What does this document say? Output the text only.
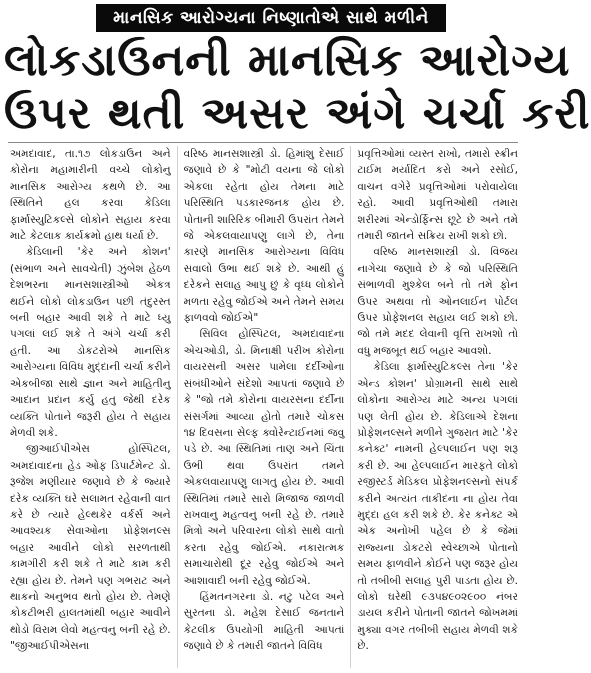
માનસિક આરોગ્યના નિષ્ણાતોએ સાથે મળીને
લોકડાઉનની માનસિક આરોગ્ય
ઉપર થતી અસર અંગે ચર્ચા કરી

અમદાવાદ, તા.૧૭ લોકડાઉન અને કોરોના મહામારીની વચ્ચે લોકોનુ માનસિક આરોગ્ય કથળે છે. આ સ્થિતિને હલ કરવા કેડિલા ફાર્માસ્યુટિકલ્સે લોકોને સહાય કરવા માટે કેટલાક કાર્યક્રમો હાથ ધર્યા છે.

કેડિલાની 'કેર અને કોશન' (સંભાળ અને સાવચેતી) ઝુંબેશ હેઠળ દેશભરના માનસશાસ્ત્રીઓ એકત્ર થઈને લોકો લોકડાઉન પછી તંદુરસ્ત બની બહાર આવી શકે તે માટે ધ્યુ પગલાં લઈ શકે તે અંગે ચર્ચા કરી હતી. આ ડોકટરોએ માનસિક આરોગ્યના વિવિધ મુદ્દાની ચર્ચા કરીને એકબીજા સાથે જ્ઞાન અને માહિતીનુ આદાન પ્રદાન કર્યુ હતુ જેથી દરેક વ્યક્તિ પોતાને જરૂરી હોય તે સહાય મેળવી શકે.

જીઆઈપીએસ હોસ્પિટલ, અમદાવાદના હેડ ઓફ ડિપાર્ટમેન્ટ ડો. રૂજેશ મણીયાર જણાવે છે કે જ્યારે દરેક વ્યક્તિ ઘરે સલામત રહેવાની વાત કરે છે ત્યારે હેલ્થકેર વર્કર્સ અને આવશ્યક સેવાઓના પ્રોફેશનલ્સ બહાર આવીને લોકો સરળતાથી કામગીરી કરી શકે તે માટે કામ કરી રહ્યા હોય છે. તેમને પણ ગભરાટ અને થાકનો અનુભવ થતો હોય છે. તેમણે કોકટીભરી હાલતમાંથી બહાર આવીને થોડો વિરામ લેવો મહત્વનુ બની રહે છે. "જીઆઈપીએસના

વરિષ્ઠ માનસશાસ્ત્રી ડો. હિમાંશુ દેસાઈ જણાવે છે કે "મોટી વયના જે લોકો એકલા રહેતા હોય તેમના માટે પરિસ્થિતિ પડકારજનક હોય છે. પોતાની શારિરિક બીમારી ઉપરાંત તેમને જે એકલવાયાપણુ લાગે છે, તેના કારણે માનસિક આરોગ્યના વિવિધ સવાલો ઉભા થઈ શકે છે. આથી હું દરેકને સલાહ આપુ છું કે વૃધ્ધ લોકોને મળતા રહેવુ જોઈએ અને તેમને સમય ફાળવવો જોઈએ"

સિવિલ હોસ્પિટલ, અમદાવાદના એચઓડી, ડો. મિનાક્ષી પરીખ કોરોના વાયરસની અસર પામેલા દર્દીઓના સંબંધીઓને સંદેશો આપતાં જણાવે છે કે "જો તમે કોરોના વાયરસના દર્દીના સંસર્ગમાં આવ્યા હોતો તમારે ચોકસ ૧૪ દિવસના સેલ્ફ ક્વોરેન્ટાઈનમાં જવુ પડે છે. આ સ્થિતિમાં તાણ અને ચિંતા ઉભી થવા ઉપરાંત તમને એકલવાયાપણુ લાગતુ હોય છે. આવી સ્થિતિમાં તમારે સારો મિજાજ જાળવી રાખવાનુ મહત્વનુ બની રહે છે. તમારે મિત્રો અને પરિવારના લોકો સાથે વાતો કરતા રહેવુ જોઈએ. નકારાત્મક સમાચારોથી દૂર રહેવુ જોઈએ અને આશાવાદી બની રહેવુ જોઈએ.

હિંમતનગરના ડો. નટુ પટેલ અને સુરતના ડો. મહેશ દેસાઈ જનતાને કેટલીક ઉપયોગી માહિતી આપતાં જણાવે છે કે તમારી જાતને વિવિધ

પ્રવૃત્તિઓમાં વ્યસ્ત રાખો, તમારો સ્ક્રીન ટાઈમ મર્યાદિત કરો અને રસોઈ, વાચન વગેરે પ્રવૃત્તિઓમાં પરોવાયેલા રહો. આવી પ્રવૃત્તિઓથી તમારા શરીરમાં એન્ડોર્ફિન્સ છૂટે છે અને તમે તમારી જાતને સક્રિય રાખી શકો છો.

વરિષ્ઠ માનસશાસ્ત્રી ડો. વિજય નાગેચા જણાવે છે કે જો પરિસ્થિતિ સંભાળવી મુશ્કેલ બને તો તમે ફોન ઉપર અથવા તો ઓનલાઈન પોર્ટલ ઉપર પ્રોફેશનલ સહાય લઈ શકો છો. જો તમે મદદ લેવાની વૃત્તિ રાખશો તો વધુ મજબૂત થઈ બહાર આવશો.

કેડિલા ફાર્માસ્યુટિકલ્સ તેના 'કેર એન્ડ કોશન' પ્રોગ્રામની સાથે સાથે લોકોના આરોગ્ય માટે અન્ય પગલાં પણ લેતી હોય છે. કેડિલાએ દેશના પ્રોફેશનલ્સને મળીને ગુજરાત માટે 'કેર કનેક્ટ' નામની હેલ્પલાઈન પણ શરૂ કરી છે. આ હેલ્પલાઈન મારફતે લોકો રજીસ્ટર્ડ મેડિકલ પ્રોફેશનલ્સનો સંપર્ક કરીને અત્યંત તાકીદના ના હોય તેવા મુદ્દા હલ કરી શકે છે. કેર કનેક્ટ એ એક અનોખી પહેલ છે કે જેમાં રાજ્યના ડોકટરો સ્વેચ્છાએ પોતાનો સમય ફાળવીને કોઈને પણ જરૂર હોય તો તબીબી સલાહ પુરી પાડતા હોય છે. લોકો ઘરેથી ૯૩૫૪૯૦૨૯૦૦ નંબર ડાયલ કરીને પોતાની જાતને જોખમમાં મુક્યા વગર તબીબી સહાય મેળવી શકે છે.
